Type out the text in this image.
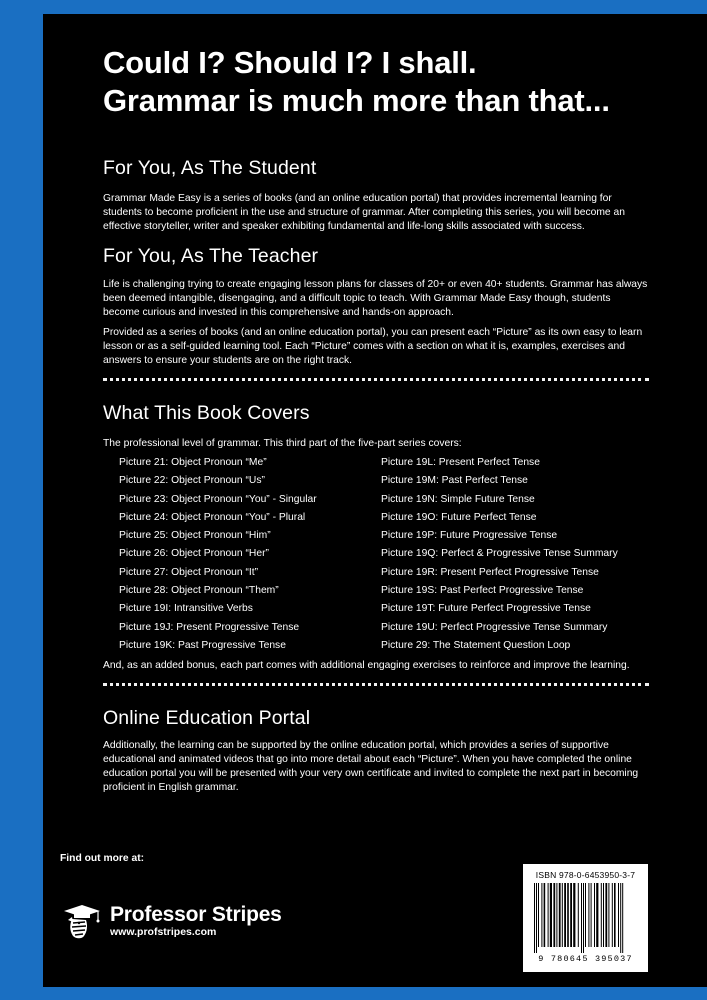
Could I? Should I? I shall.
Grammar is much more than that...
For You, As The Student

Grammar Made Easy is a series of books (and an online education portal) that provides incremental learning for students to become proficient in the use and structure of grammar. After completing this series, you will become an effective storyteller, writer and speaker exhibiting fundamental and life-long skills associated with success.

For You, As The Teacher

Life is challenging trying to create engaging lesson plans for classes of 20+ or even 40+ students. Grammar has always been deemed intangible, disengaging, and a difficult topic to teach. With Grammar Made Easy though, students become curious and invested in this comprehensive and hands-on approach.

Provided as a series of books (and an online education portal), you can present each “Picture” as its own easy to learn lesson or as a self-guided learning tool. Each “Picture” comes with a section on what it is, examples, exercises and answers to ensure your students are on the right track.

What This Book Covers

The professional level of grammar. This third part of the five-part series covers:

Picture 21: Object Pronoun “Me”
Picture 22: Object Pronoun “Us”
Picture 23: Object Pronoun “You” - Singular
Picture 24: Object Pronoun “You” - Plural
Picture 25: Object Pronoun “Him”
Picture 26: Object Pronoun “Her”
Picture 27: Object Pronoun “It”
Picture 28: Object Pronoun “Them”
Picture 19I: Intransitive Verbs
Picture 19J: Present Progressive Tense
Picture 19K: Past Progressive Tense
Picture 19L: Present Perfect Tense
Picture 19M: Past Perfect Tense
Picture 19N: Simple Future Tense
Picture 19O: Future Perfect Tense
Picture 19P: Future Progressive Tense
Picture 19Q: Perfect & Progressive Tense Summary
Picture 19R: Present Perfect Progressive Tense
Picture 19S: Past Perfect Progressive Tense
Picture 19T: Future Perfect Progressive Tense
Picture 19U: Perfect Progressive Tense Summary
Picture 29: The Statement Question Loop

And, as an added bonus, each part comes with additional engaging exercises to reinforce and improve the learning.

Online Education Portal

Additionally, the learning can be supported by the online education portal, which provides a series of supportive educational and animated videos that go into more detail about each “Picture”. When you have completed the online education portal you will be presented with your very own certificate and invited to complete the next part in becoming proficient in English grammar.

Find out more at:

Professor Stripes
www.profstripes.com
ISBN 978-0-6453950-3-7
9 780645 395037
